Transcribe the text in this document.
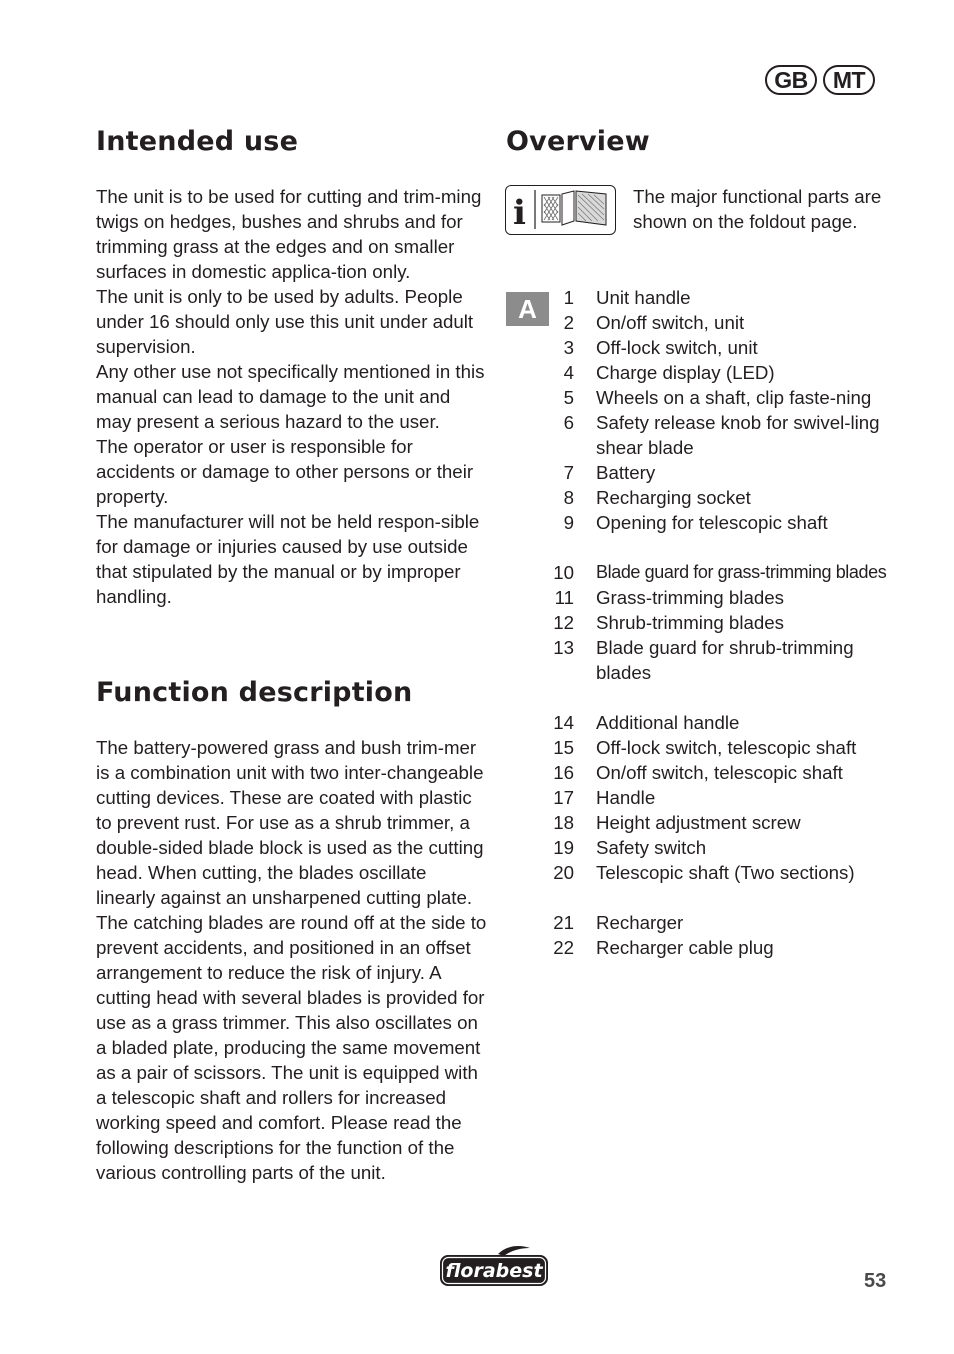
GB	MT
Intended use

The unit is to be used for cutting and trim-ming twigs on hedges, bushes and shrubs and for trimming grass at the edges and on smaller surfaces in domestic applica-tion only.

The unit is only to be used by adults. People under 16 should only use this unit under adult supervision.

Any other use not specifically mentioned in this manual can lead to damage to the unit and may present a serious hazard to the user.

The operator or user is responsible for accidents or damage to other persons or their property.

The manufacturer will not be held respon-sible for damage or injuries caused by use outside that stipulated by the manual or by improper handling.

Function description

The battery-powered grass and bush trim-mer is a combination unit with two inter-changeable cutting devices. These are coated with plastic to prevent rust. For use as a shrub trimmer, a double-sided blade block is used as the cutting head. When cutting, the blades oscillate linearly against an unsharpened cutting plate. The catching blades are round off at the side to prevent accidents, and positioned in an offset arrangement to reduce the risk of injury. A cutting head with several blades is provided for use as a grass trimmer. This also oscillates on a bladed plate, producing the same movement as a pair of scissors. The unit is equipped with a telescopic shaft and rollers for increased working speed and comfort. Please read the following descriptions for the function of the various controlling parts of the unit.

Overview
i	The major functional parts are shown on the foldout page.
A	1 Unit handle
2 On/off switch, unit
3 Off-lock switch, unit
4 Charge display (LED)
5 Wheels on a shaft, clip faste-ning
6 Safety release knob for swivel-ling shear blade
7 Battery
8 Recharging socket
9 Opening for telescopic shaft
10 Blade guard for grass-trimming blades
11 Grass-trimming blades
12 Shrub-trimming blades
13 Blade guard for shrub-trimming blades
14 Additional handle
15 Off-lock switch, telescopic shaft
16 On/off switch, telescopic shaft
17 Handle
18 Height adjustment screw
19 Safety switch
20 Telescopic shaft (Two sections)
21 Recharger
22 Recharger cable plug
florabest	53
